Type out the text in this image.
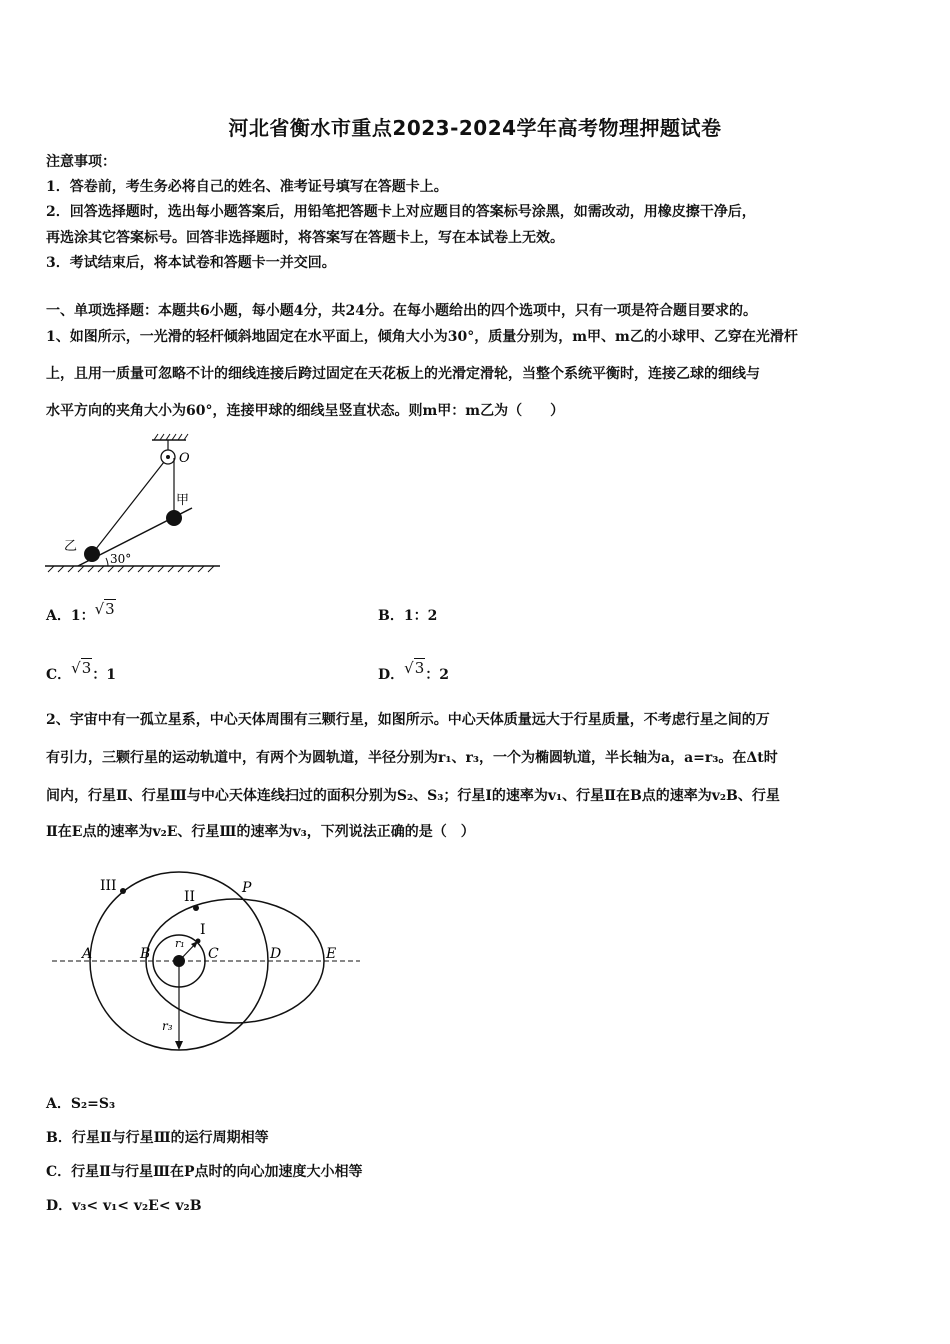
河北省衡水市重点2023-2024学年高考物理押题试卷
注意事项：
1．答卷前，考生务必将自己的姓名、准考证号填写在答题卡上。
2．回答选择题时，选出每小题答案后，用铅笔把答题卡上对应题目的答案标号涂黑，如需改动，用橡皮擦干净后，
再选涂其它答案标号。回答非选择题时，将答案写在答题卡上，写在本试卷上无效。
3．考试结束后，将本试卷和答题卡一并交回。
一、单项选择题：本题共6小题，每小题4分，共24分。在每小题给出的四个选项中，只有一项是符合题目要求的。
1、如图所示，一光滑的轻杆倾斜地固定在水平面上，倾角大小为30°，质量分别为，m甲、m乙的小球甲、乙穿在光滑杆
上，且用一质量可忽略不计的细线连接后跨过固定在天花板上的光滑定滑轮，当整个系统平衡时，连接乙球的细线与
水平方向的夹角大小为60°，连接甲球的细线呈竖直状态。则m甲：m乙为（　　）
O
甲
乙
30°
A．1：√3	B．1：2
C．√3：1	D．√3：2
2、宇宙中有一孤立星系，中心天体周围有三颗行星，如图所示。中心天体质量远大于行星质量，不考虑行星之间的万
有引力，三颗行星的运动轨道中，有两个为圆轨道，半径分别为r₁、r₃，一个为椭圆轨道，半长轴为a，a=r₃。在Δt时
间内，行星Ⅱ、行星Ⅲ与中心天体连线扫过的面积分别为S₂、S₃；行星Ⅰ的速率为v₁、行星Ⅱ在B点的速率为v₂B、行星
Ⅱ在E点的速率为v₂E、行星Ⅲ的速率为v₃，下列说法正确的是（　）
III
II
I
P
A	B	C	D	E
r₁
r₃
A．S₂=S₃
B．行星Ⅱ与行星Ⅲ的运行周期相等
C．行星Ⅱ与行星Ⅲ在P点时的向心加速度大小相等
D．v₃< v₁< v₂E< v₂B
